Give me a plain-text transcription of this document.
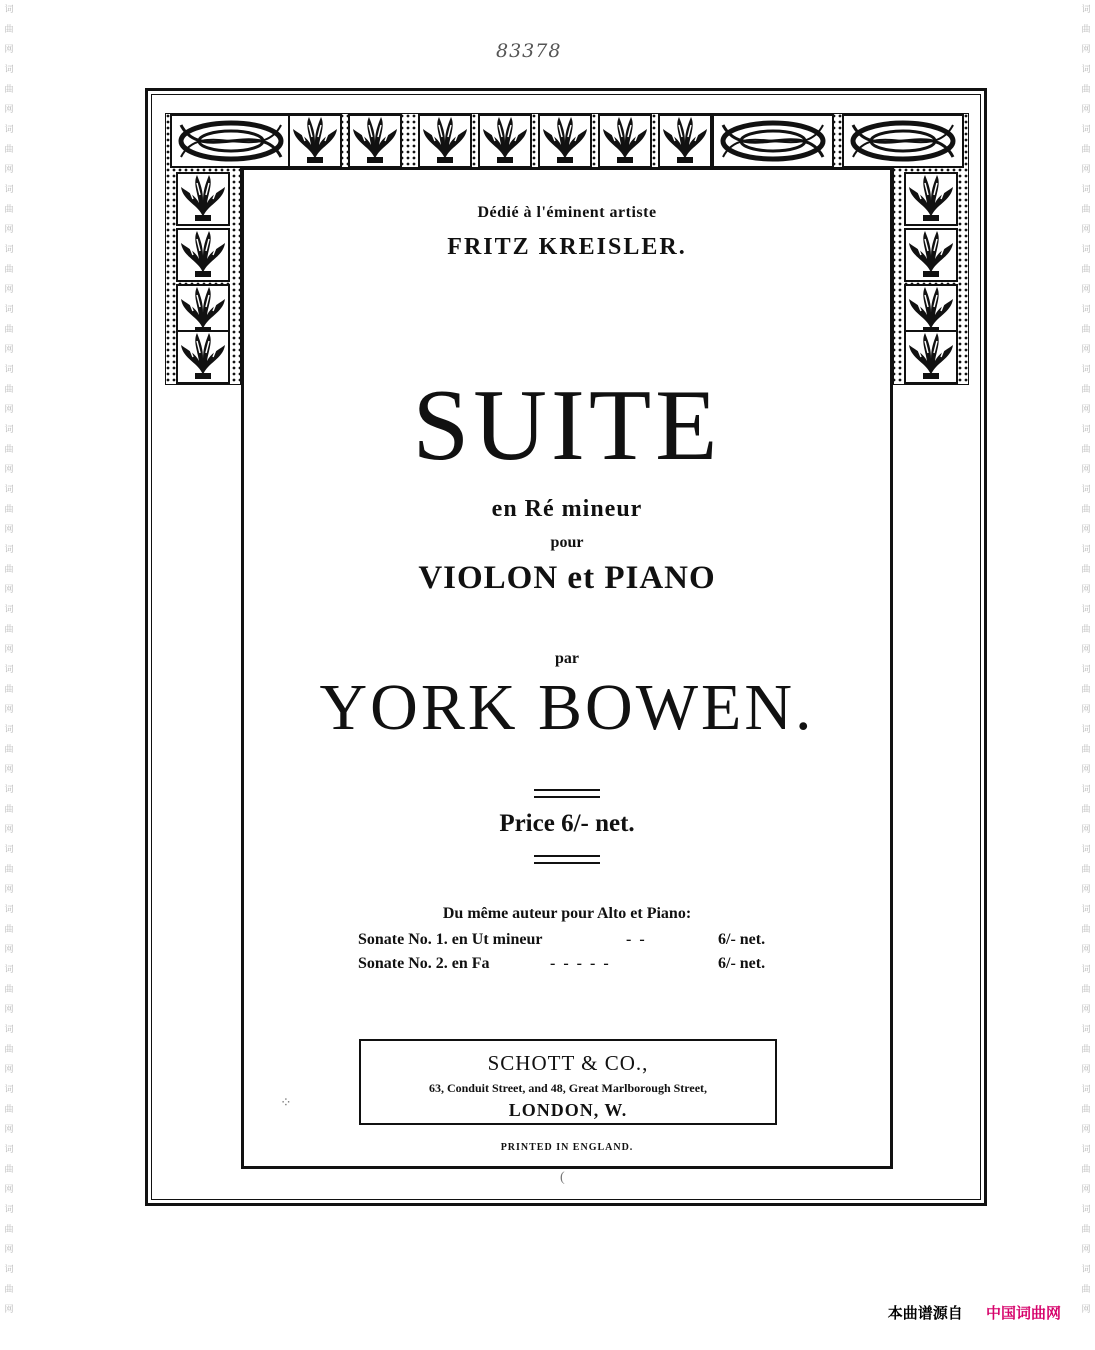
词
曲
网
词
曲
网
词
曲
网
词
曲
网
词
曲
网
词
曲
网
词
曲
网
词
曲
网
词
曲
网
词
曲
网
词
曲
网
词
曲
网
词
曲
网
词
曲
网
词
曲
网
词
曲
网
词
曲
网
词
曲
网
词
曲
网
词
曲
网
词
曲
网
词
曲
网
词
曲
网
词
曲
网
词
曲
网
词
曲
网
词
曲
网
词
曲
网
词
曲
网
词
曲
网
词
曲
网
词
曲
网
词
曲
网
词
曲
网
词
曲
网
词
曲
网
词
曲
网
词
曲
网
词
曲
网
词
曲
网
词
曲
网
词
曲
网
词
曲
网
词
曲
网
83378
Dédié à l'éminent artiste
FRITZ KREISLER.
SUITE
en Ré mineur
pour
VIOLON et PIANO
par
YORK BOWEN.
Price 6/- net.
Du même auteur pour Alto et Piano:
Sonate No. 1. en Ut mineur	- -	6/- net.
Sonate No. 2. en Fa	- - - - -	6/- net.
SCHOTT & CO.,
63, Conduit Street, and 48, Great Marlborough Street,
LONDON, W.
PRINTED IN ENGLAND.
⁘
(
本曲谱源自 中国词曲网
